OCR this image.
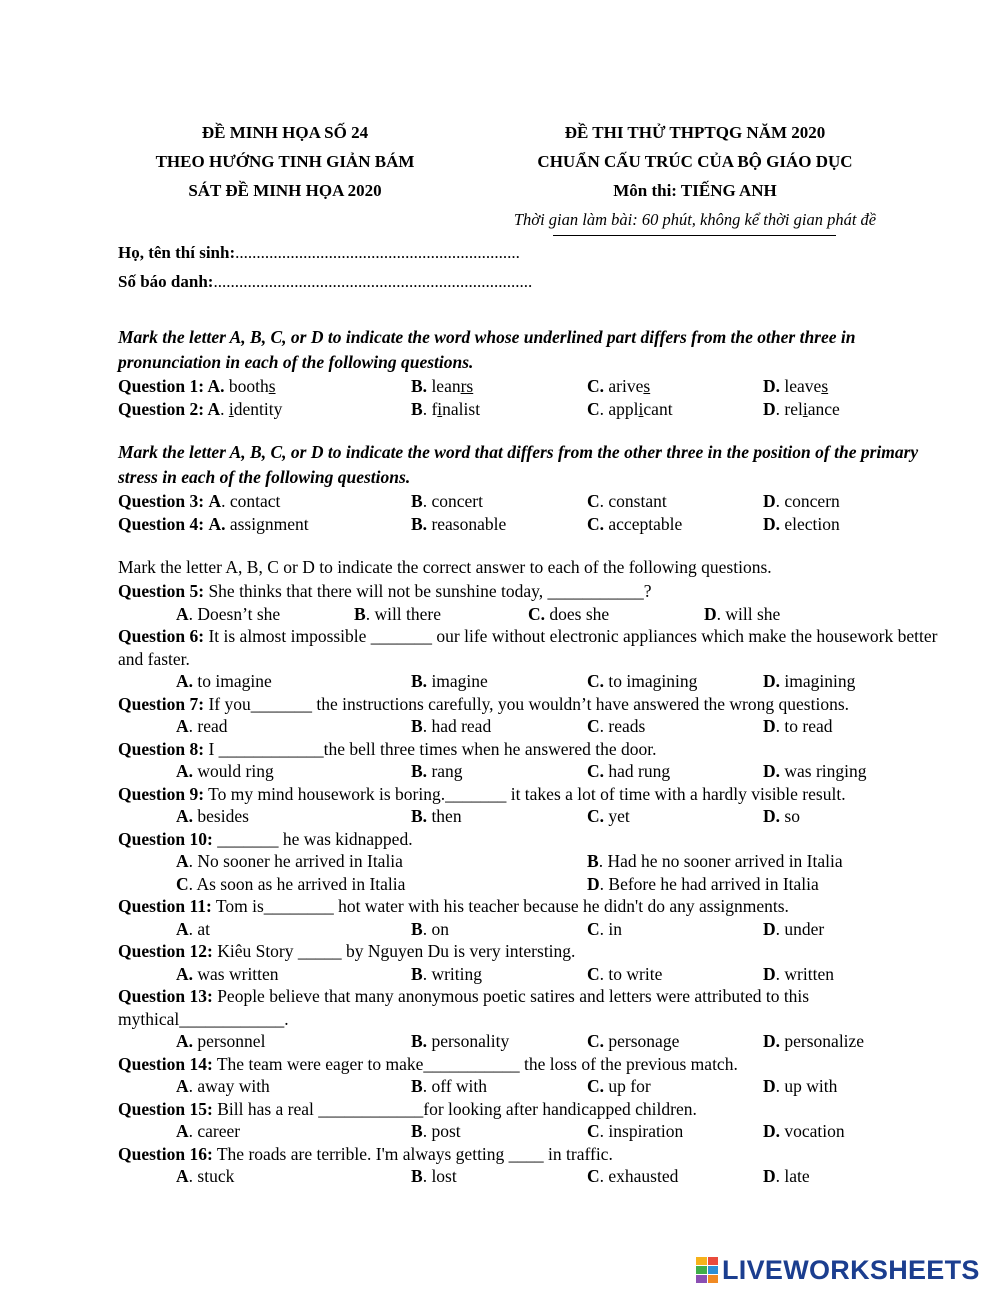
ĐỀ MINH HỌA SỐ 24
THEO HƯỚNG TINH GIẢN BÁM
SÁT ĐỀ MINH HỌA 2020
ĐỀ THI THỬ THPTQG NĂM 2020
CHUẨN CẤU TRÚC CỦA BỘ GIÁO DỤC
Môn thi: TIẾNG ANH
Thời gian làm bài: 60 phút, không kể thời gian phát đề
Họ, tên thí sinh:...................................................................
Số báo danh:...........................................................................

Mark the letter A, B, C, or D to indicate the word whose underlined part differs from the other three in pronunciation in each of the following questions.

Question 1: A. booths	B. leanrs	C. arives	D. leaves
Question 2: A. identity	B. finalist	C. applicant	D. reliance

Mark the letter A, B, C, or D to indicate the word that differs from the other three in the position of the primary stress in each of the following questions.

Question 3: A. contact	B. concert	C. constant	D. concern
Question 4: A. assignment	B. reasonable	C. acceptable	D. election

Mark the letter A, B, C or D to indicate the correct answer to each of the following questions.

Question 5: She thinks that there will not be sunshine today, ___________?
A. Doesn’t she	B. will there	C. does she	D. will she
Question 6: It is almost impossible _______ our life without electronic appliances which make the housework better and faster.
A. to imagine	B. imagine	C. to imagining	D. imagining
Question 7: If you_______ the instructions carefully, you wouldn’t have answered the wrong questions.
A. read	B. had read	C. reads	D. to read
Question 8: I ____________the bell three times when he answered the door.
A. would ring	B. rang	C. had rung	D. was ringing
Question 9: To my mind housework is boring._______ it takes a lot of time with a hardly visible result.
A. besides	B. then	C. yet	D. so
Question 10: _______ he was kidnapped.
A. No sooner he arrived in Italia	B. Had he no sooner arrived in Italia
C. As soon as he arrived in Italia	D. Before he had arrived in Italia
Question 11: Tom is________ hot water with his teacher because he didn't do any assignments.
A. at	B. on	C. in	D. under
Question 12: Kiêu Story _____ by Nguyen Du is very intersting.
A. was written	B. writing	C. to write	D. written
Question 13: People believe that many anonymous poetic satires and letters were attributed to this mythical____________.
A. personnel	B. personality	C. personage	D. personalize
Question 14: The team were eager to make___________ the loss of the previous match.
A. away with	B. off with	C. up for	D. up with
Question 15: Bill has a real ____________for looking after handicapped children.
A. career	B. post	C. inspiration	D. vocation
Question 16: The roads are terrible. I'm always getting ____ in traffic.
A. stuck	B. lost	C. exhausted	D. late
LIVEWORKSHEETS
